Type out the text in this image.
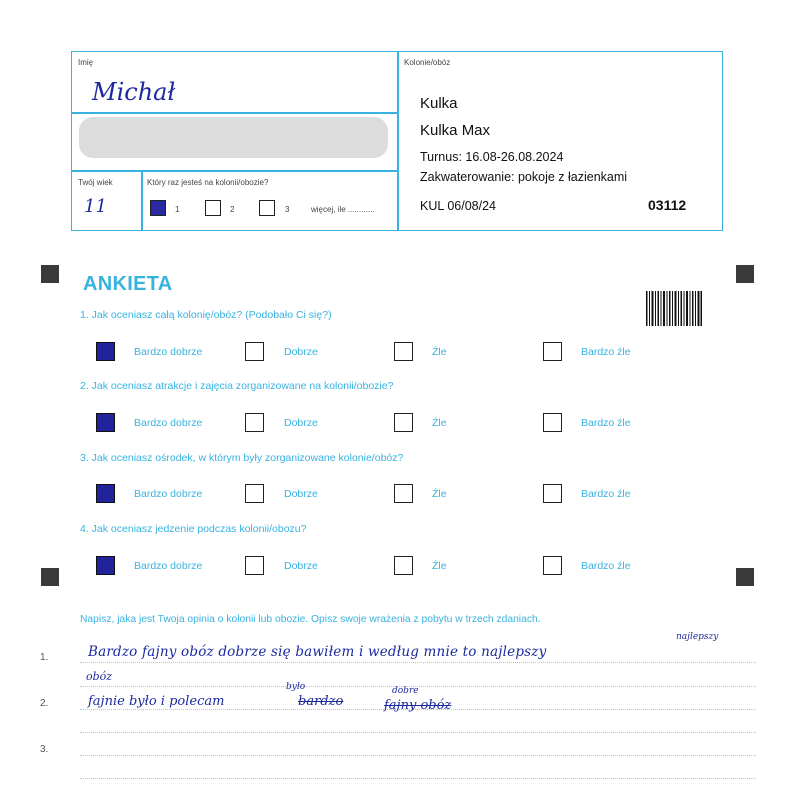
Imię
Michał
Twój wiek
11
Który raz jesteś na kolonii/obozie?
1	2	3	więcej, ile ............
Kolonie/obóz
Kulka
Kulka Max
Turnus: 16.08-26.08.2024
Zakwaterowanie: pokoje z łazienkami
KUL 06/08/24	03112
ANKIETA
1. Jak oceniasz całą kolonię/obóz? (Podobało Ci się?)
Bardzo dobrze	Dobrze	Źle	Bardzo źle
2. Jak oceniasz atrakcje i zajęcia zorganizowane na kolonii/obozie?
Bardzo dobrze	Dobrze	Źle	Bardzo źle
3. Jak oceniasz ośrodek, w którym były zorganizowane kolonie/obóz?
Bardzo dobrze	Dobrze	Źle	Bardzo źle
4. Jak oceniasz jedzenie podczas kolonii/obozu?
Bardzo dobrze	Dobrze	Źle	Bardzo źle
Napisz, jaka jest Twoja opinia o kolonii lub obozie. Opisz swoje wrażenia z pobytu w trzech zdaniach.
1.
2.
3.
Bardzo fajny obóz dobrze się bawiłem i według mnie to najlepszy
najlepszy
obóz
fajnie było i polecam
było
bardzo
dobre
fajny obóz
